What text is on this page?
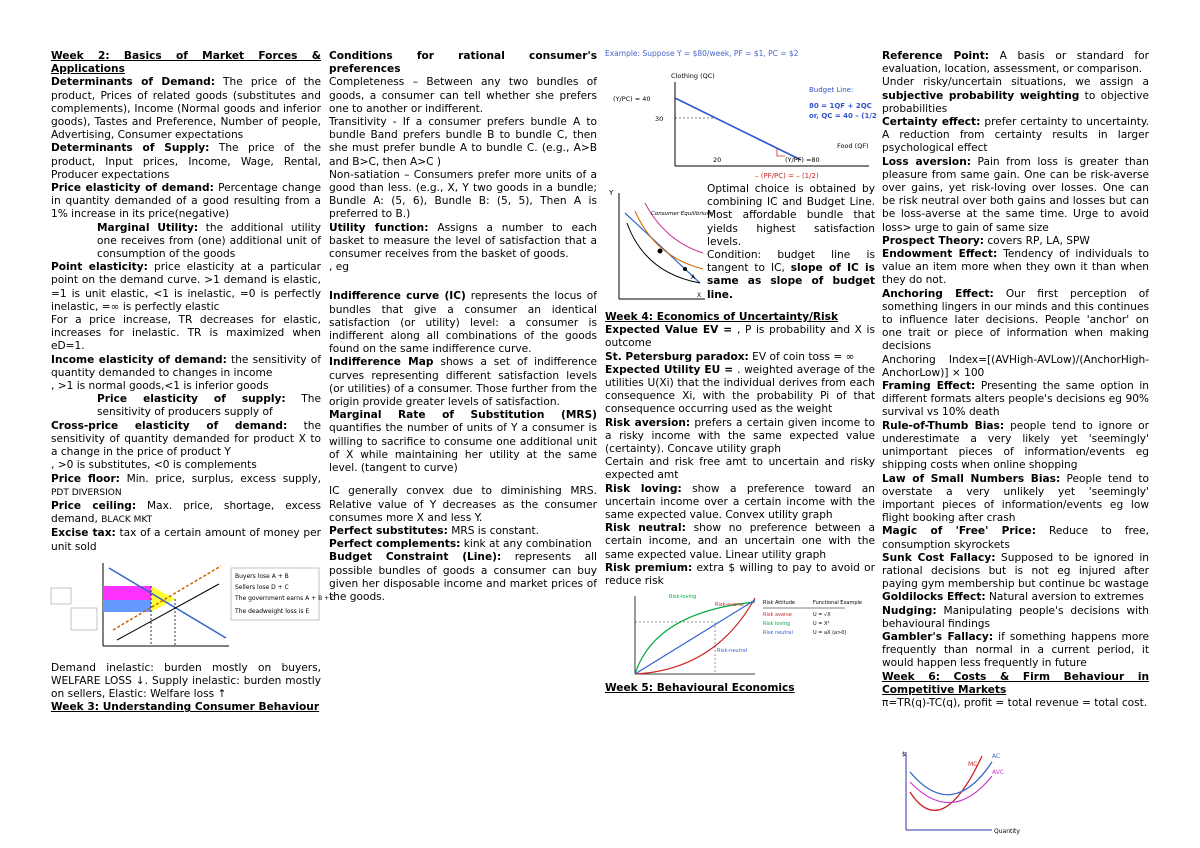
Week 2: Basics of Market Forces & Applications

Determinants of Demand: The price of the product, Prices of related goods (substitutes and complements), Income (Normal goods and inferior goods), Tastes and Preference, Number of people, Advertising, Consumer expectations

Determinants of Supply: The price of the product, Input prices, Income, Wage, Rental, Producer expectations

Price elasticity of demand: Percentage change in quantity demanded of a good resulting from a 1% increase in its price(negative)

Marginal Utility: the additional utility one receives from (one) additional unit of consumption of the goods

Point elasticity: price elasticity at a particular point on the demand curve. >1 demand is elastic, =1 is unit elastic, <1 is inelastic, =0 is perfectly inelastic, =∞ is perfectly elastic

For a price increase, TR decreases for elastic, increases for inelastic. TR is maximized when eD=1.

Income elasticity of demand: the sensitivity of quantity demanded to changes in income

, >1 is normal goods,<1 is inferior goods

Price elasticity of supply: The sensitivity of producers supply of

Cross-price elasticity of demand: the sensitivity of quantity demanded for product X to a change in the price of product Y

, >0 is substitutes, <0 is complements

Price floor: Min. price, surplus, excess supply, PDT DIVERSION

Price ceiling: Max. price, shortage, excess demand, BLACK MKT

Excise tax: tax of a certain amount of money per unit sold

Buyers lose A + B
Sellers lose D + C
The government earns A + B + C
The deadweight loss is E

Demand inelastic: burden mostly on buyers, WELFARE LOSS ↓. Supply inelastic: burden mostly on sellers, Elastic: Welfare loss ↑

Week 3: Understanding Consumer Behaviour

Conditions for rational consumer's preferences

Completeness – Between any two bundles of goods, a consumer can tell whether she prefers one to another or indifferent.

Transitivity - If a consumer prefers bundle A to bundle Band prefers bundle B to bundle C, then she must prefer bundle A to bundle C. (e.g., A>B and B>C, then A>C )

Non-satiation – Consumers prefer more units of a good than less. (e.g., X, Y two goods in a bundle; Bundle A: (5, 6), Bundle B: (5, 5), Then A is preferred to B.)

Utility function: Assigns a number to each basket to measure the level of satisfaction that a consumer receives from the basket of goods.

, eg

Indifference curve (IC) represents the locus of bundles that give a consumer an identical satisfaction (or utility) level: a consumer is indifferent along all combinations of the goods found on the same indifference curve.

Indifference Map shows a set of indifference curves representing different satisfaction levels (or utilities) of a consumer. Those further from the origin provide greater levels of satisfaction.

Marginal Rate of Substitution (MRS) quantifies the number of units of Y a consumer is willing to sacrifice to consume one additional unit of X while maintaining her utility at the same level. (tangent to curve)

IC generally convex due to diminishing MRS. Relative value of Y decreases as the consumer consumes more X and less Y.

Perfect substitutes: MRS is constant.

Perfect complements: kink at any combination

Budget Constraint (Line): represents all possible bundles of goods a consumer can buy given her disposable income and market prices of the goods.

Example: Suppose Y = $80/week, PF = $1, PC = $2
Clothing (QC)
(Y/PC) = 40
30
20	(Y/PF) =80
Food (QF)
Budget Line:
80 = 1QF + 2QC
or, QC = 40 – (1/2
– (PF/PC) = – (1/2)
Y
Consumer Equilibrium
A
X

Optimal choice is obtained by combining IC and Budget Line. Most affordable bundle that yields highest satisfaction levels.

Condition: budget line is tangent to IC, slope of IC is same as slope of budget line.

Week 4: Economics of Uncertainty/Risk

Expected Value EV = , P is probability and X is outcome

St. Petersburg paradox: EV of coin toss = ∞

Expected Utility EU = . weighted average of the utilities U(Xi) that the individual derives from each consequence Xi, with the probability Pi of that consequence occurring used as the weight

Risk aversion: prefers a certain given income to a risky income with the same expected value (certainty). Concave utility graph

Certain and risk free amt to uncertain and risky expected amt

Risk loving: show a preference toward an uncertain income over a certain income with the same expected value. Convex utility graph

Risk neutral: show no preference between a certain income, and an uncertain one with the same expected value. Linear utility graph

Risk premium: extra $ willing to pay to avoid or reduce risk

Risk-loving
Risk-averse
Risk-neutral
Risk Attitude	Functional Example
Risk averse	U = √X
Risk loving	U = X²
Risk neutral	U = aX (a>0)

Week 5: Behavioural Economics

Reference Point: A basis or standard for evaluation, location, assessment, or comparison.

Under risky/uncertain situations, we assign a subjective probability weighting to objective probabilities

Certainty effect: prefer certainty to uncertainty. A reduction from certainty results in larger psychological effect

Loss aversion: Pain from loss is greater than pleasure from same gain. One can be risk-averse over gains, yet risk-loving over losses. One can be risk neutral over both gains and losses but can be loss-averse at the same time. Urge to avoid loss> urge to gain of same size

Prospect Theory: covers RP, LA, SPW

Endowment Effect: Tendency of individuals to value an item more when they own it than when they do not.

Anchoring Effect: Our first perception of something lingers in our minds and this continues to influence later decisions. People 'anchor' on one trait or piece of information when making decisions

Anchoring Index=[(AVHigh-AVLow)/(AnchorHigh-AnchorLow)] × 100

Framing Effect: Presenting the same option in different formats alters people's decisions eg 90% survival vs 10% death

Rule-of-Thumb Bias: people tend to ignore or underestimate a very likely yet 'seemingly' unimportant pieces of information/events eg shipping costs when online shopping

Law of Small Numbers Bias: People tend to overstate a very unlikely yet 'seemingly' important pieces of information/events eg low flight booking after crash

Magic of 'Free' Price: Reduce to free, consumption skyrockets

Sunk Cost Fallacy: Supposed to be ignored in rational decisions but is not eg injured after paying gym membership but continue bc wastage

Goldilocks Effect: Natural aversion to extremes

Nudging: Manipulating people's decisions with behavioural findings

Gambler's Fallacy: if something happens more frequently than normal in a current period, it would happen less frequently in future

Week 6: Costs & Firm Behaviour in Competitive Markets

π=TR(q)-TC(q), profit = total revenue = total cost.

$
MC
AC
AVC
Quantity
